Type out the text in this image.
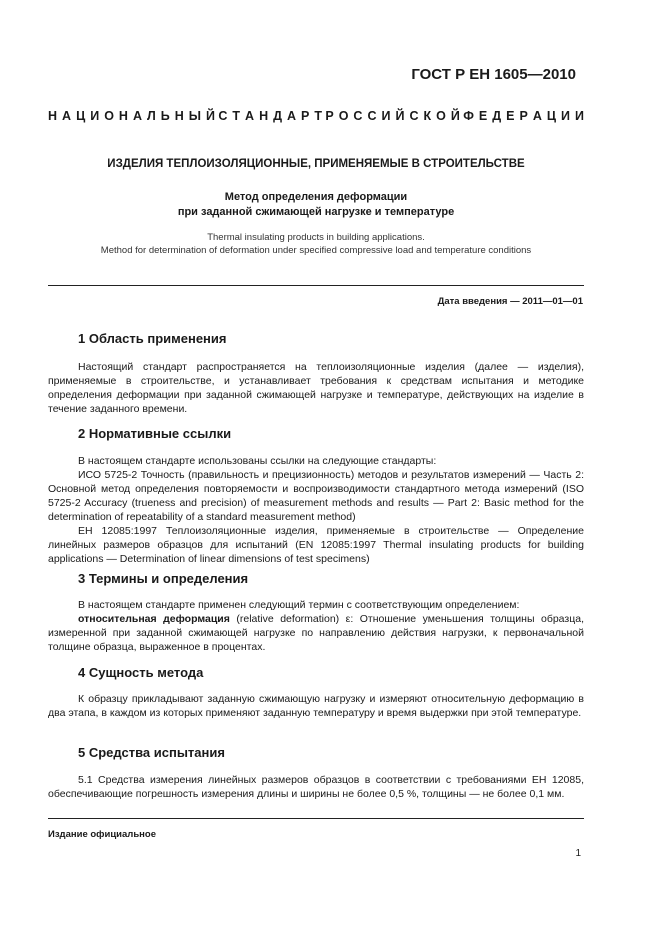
ГОСТ Р ЕН 1605—2010
Н  А  Ц  И  О  Н  А  Л  Ь  Н  Ы  Й С  Т  А  Н  Д  А  Р  Т Р  О  С  С  И  Й  С  К  О  Й Ф  Е  Д  Е  Р  А  Ц  И  И
ИЗДЕЛИЯ ТЕПЛОИЗОЛЯЦИОННЫЕ, ПРИМЕНЯЕМЫЕ В СТРОИТЕЛЬСТВЕ
Метод определения деформации
при заданной сжимающей нагрузке и температуре
Thermal insulating products in building applications.
Method for determination of deformation under specified compressive load and temperature conditions
Дата введения — 2011—01—01
1 Область применения

Настоящий стандарт распространяется на теплоизоляционные изделия (далее — изделия), применяемые в строительстве, и устанавливает требования к средствам испытания и методике определения деформации при заданной сжимающей нагрузке и температуре, действующих на изделие в течение заданного времени.

2 Нормативные ссылки

В настоящем стандарте использованы ссылки на следующие стандарты:

ИСО 5725-2 Точность (правильность и прецизионность) методов и результатов измерений — Часть 2: Основной метод определения повторяемости и воспроизводимости стандартного метода измерений (ISO 5725-2 Accuracy (trueness and precision) of measurement methods and results — Part 2: Basic method for the determination of repeatability of a standard measurement method)

ЕН 12085:1997 Теплоизоляционные изделия, применяемые в строительстве — Определение линейных размеров образцов для испытаний (EN 12085:1997 Thermal insulating products for building applications — Determination of linear dimensions of test specimens)

3 Термины и определения

В настоящем стандарте применен следующий термин с соответствующим определением:

относительная деформация (relative deformation) ε: Отношение уменьшения толщины образца, измеренной при заданной сжимающей нагрузке по направлению действия нагрузки, к первоначальной толщине образца, выраженное в процентах.

4 Сущность метода

К образцу прикладывают заданную сжимающую нагрузку и измеряют относительную деформацию в два этапа, в каждом из которых применяют заданную температуру и время выдержки при этой температуре.

5 Средства испытания

5.1 Средства измерения линейных размеров образцов в соответствии с требованиями ЕН 12085, обеспечивающие погрешность измерения длины и ширины не более 0,5 %, толщины — не более 0,1 мм.

Издание официальное
1
